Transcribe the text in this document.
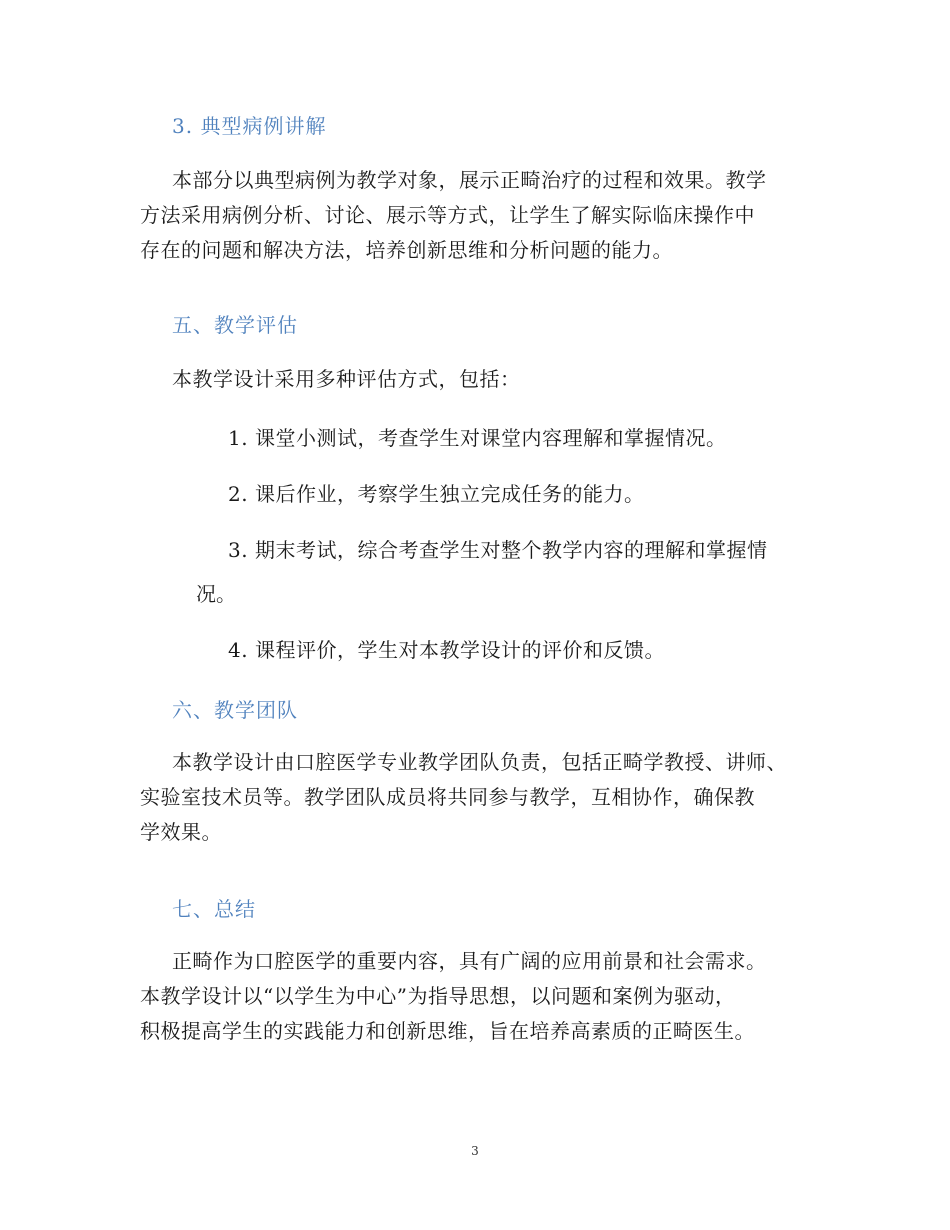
3. 典型病例讲解
本部分以典型病例为教学对象，展示正畸治疗的过程和效果。教学
方法采用病例分析、讨论、展示等方式，让学生了解实际临床操作中
存在的问题和解决方法，培养创新思维和分析问题的能力。
五、教学评估
本教学设计采用多种评估方式，包括：
1. 课堂小测试，考查学生对课堂内容理解和掌握情况。
2. 课后作业，考察学生独立完成任务的能力。
3. 期末考试，综合考查学生对整个教学内容的理解和掌握情
况。
4. 课程评价，学生对本教学设计的评价和反馈。
六、教学团队
本教学设计由口腔医学专业教学团队负责，包括正畸学教授、讲师、
实验室技术员等。教学团队成员将共同参与教学，互相协作，确保教
学效果。
七、总结
正畸作为口腔医学的重要内容，具有广阔的应用前景和社会需求。
本教学设计以“以学生为中心”为指导思想，以问题和案例为驱动，
积极提高学生的实践能力和创新思维，旨在培养高素质的正畸医生。
3
